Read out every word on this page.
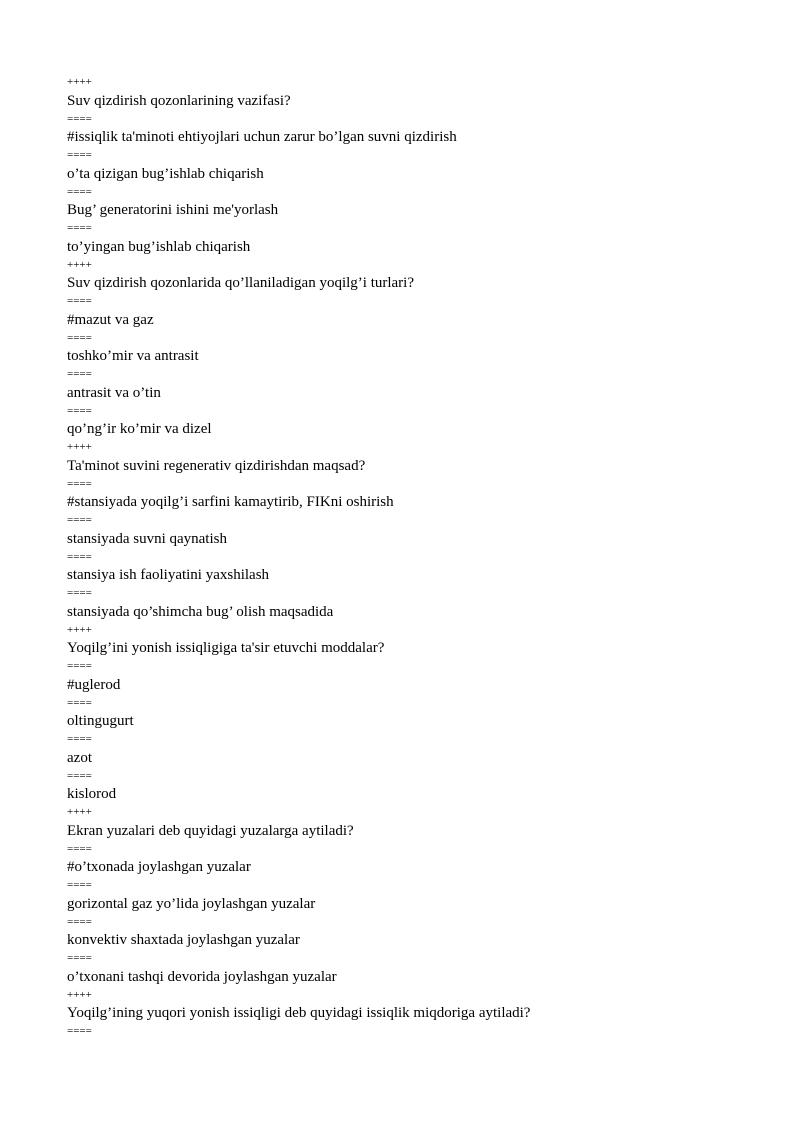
++++
Suv qizdirish qozonlarining vazifasi?
====
#issiqlik ta'minoti ehtiyojlari uchun zarur bo’lgan suvni qizdirish
====
o’ta qizigan bug’ishlab chiqarish
====
Bug’ generatorini ishini me'yorlash
====
to’yingan bug’ishlab chiqarish
++++
Suv qizdirish qozonlarida qo’llaniladigan yoqilg’i turlari?
====
#mazut va gaz
====
toshko’mir va antrasit
====
antrasit va o’tin
====
qo’ng’ir ko’mir va dizel
++++
Ta'minot suvini regenerativ qizdirishdan maqsad?
====
#stansiyada yoqilg’i sarfini kamaytirib, FIKni oshirish
====
stansiyada suvni qaynatish
====
stansiya ish faoliyatini yaxshilash
====
stansiyada qo’shimcha bug’ olish maqsadida
++++
Yoqilg’ini yonish issiqligiga ta'sir etuvchi moddalar?
====
#uglerod
====
oltingugurt
====
azot
====
kislorod
++++
Ekran yuzalari deb quyidagi yuzalarga aytiladi?
====
#o’txonada joylashgan yuzalar
====
gorizontal gaz yo’lida joylashgan yuzalar
====
konvektiv shaxtada joylashgan yuzalar
====
o’txonani tashqi devorida joylashgan yuzalar
++++
Yoqilg’ining yuqori yonish issiqligi deb quyidagi issiqlik miqdoriga aytiladi?
====
